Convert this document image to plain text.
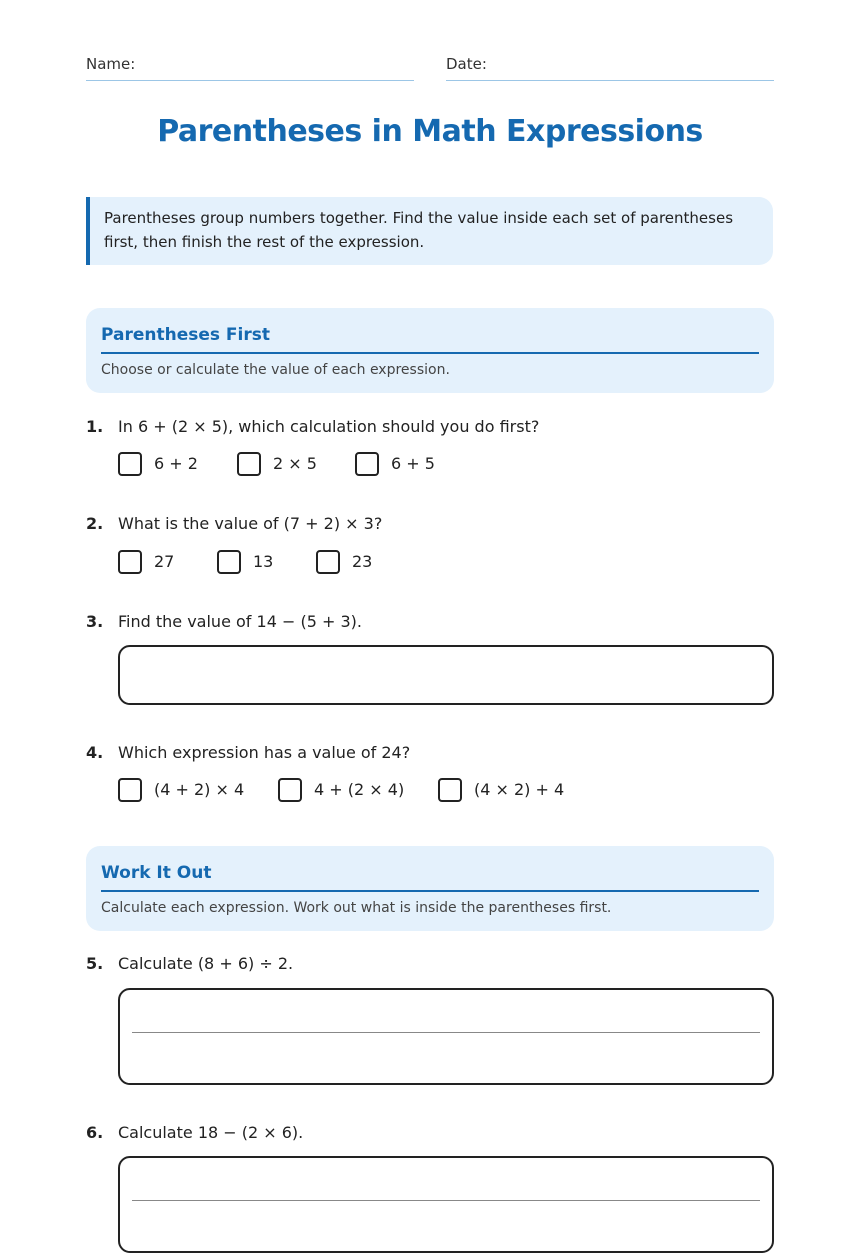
Name:	Date:
Parentheses in Math Expressions
Parentheses group numbers together. Find the value inside each set of parentheses first, then finish the rest of the expression.
Parentheses First
Choose or calculate the value of each expression.
1. In 6 + (2 × 5), which calculation should you do first?
6 + 2	2 × 5	6 + 5
2. What is the value of (7 + 2) × 3?
27	13	23
3. Find the value of 14 − (5 + 3).
4. Which expression has a value of 24?
(4 + 2) × 4	4 + (2 × 4)	(4 × 2) + 4
Work It Out
Calculate each expression. Work out what is inside the parentheses first.
5. Calculate (8 + 6) ÷ 2.
6. Calculate 18 − (2 × 6).
